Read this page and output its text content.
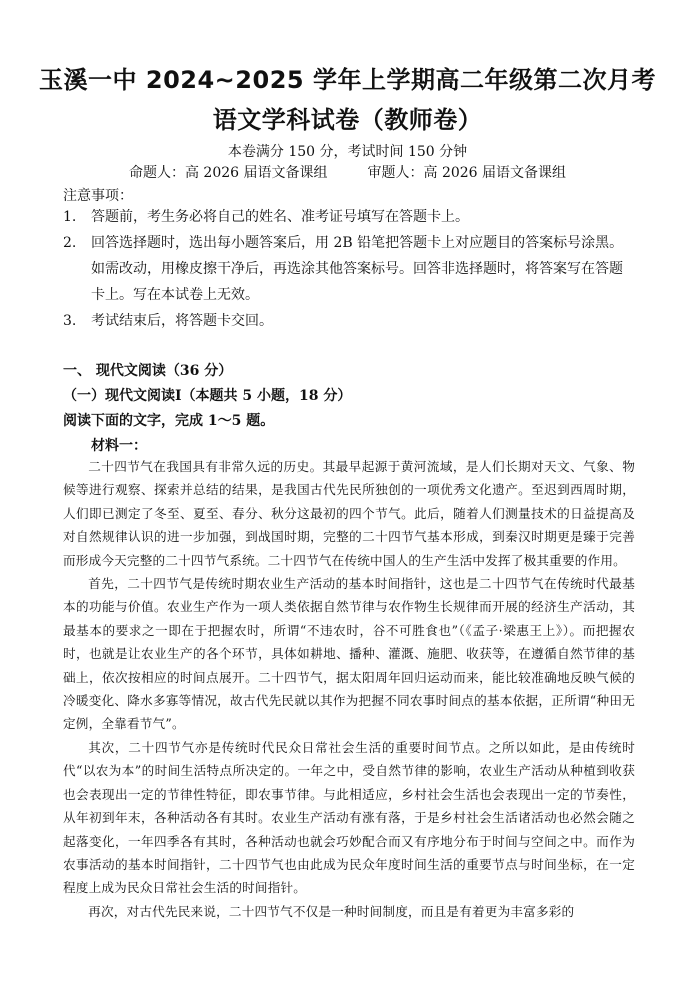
玉溪一中 2024~2025 学年上学期高二年级第二次月考
语文学科试卷（教师卷）
本卷满分 150 分，考试时间 150 分钟
命题人：高 2026 届语文备课组	审题人：高 2026 届语文备课组
注意事项：
1. 答题前，考生务必将自己的姓名、准考证号填写在答题卡上。
2. 回答选择题时，选出每小题答案后，用 2B 铅笔把答题卡上对应题目的答案标号涂黑。如需改动，用橡皮擦干净后，再选涂其他答案标号。回答非选择题时，将答案写在答题卡上。写在本试卷上无效。
3. 考试结束后，将答题卡交回。
一、 现代文阅读（36 分）
（一）现代文阅读Ⅰ（本题共 5 小题，18 分）
阅读下面的文字，完成 1～5 题。
材料一：

二十四节气在我国具有非常久远的历史。其最早起源于黄河流域，是人们长期对天文、气象、物候等进行观察、探索并总结的结果，是我国古代先民所独创的一项优秀文化遗产。至迟到西周时期，人们即已测定了冬至、夏至、春分、秋分这最初的四个节气。此后，随着人们测量技术的日益提高及对自然规律认识的进一步加强，到战国时期，完整的二十四节气基本形成，到秦汉时期更是臻于完善而形成今天完整的二十四节气系统。二十四节气在传统中国人的生产生活中发挥了极其重要的作用。

首先，二十四节气是传统时期农业生产活动的基本时间指针，这也是二十四节气在传统时代最基本的功能与价值。农业生产作为一项人类依据自然节律与农作物生长规律而开展的经济生产活动，其最基本的要求之一即在于把握农时，所谓“不违农时，谷不可胜食也”（《孟子·梁惠王上》）。而把握农时，也就是让农业生产的各个环节，具体如耕地、播种、灌溉、施肥、收获等，在遵循自然节律的基础上，依次按相应的时间点展开。二十四节气，据太阳周年回归运动而来，能比较准确地反映气候的冷暖变化、降水多寡等情况，故古代先民就以其作为把握不同农事时间点的基本依据，正所谓“种田无定例，全靠看节气”。

其次，二十四节气亦是传统时代民众日常社会生活的重要时间节点。之所以如此，是由传统时代“以农为本”的时间生活特点所决定的。一年之中，受自然节律的影响，农业生产活动从种植到收获也会表现出一定的节律性特征，即农事节律。与此相适应，乡村社会生活也会表现出一定的节奏性，从年初到年末，各种活动各有其时。农业生产活动有涨有落，于是乡村社会生活诸活动也必然会随之起落变化，一年四季各有其时，各种活动也就会巧妙配合而又有序地分布于时间与空间之中。而作为农事活动的基本时间指针，二十四节气也由此成为民众年度时间生活的重要节点与时间坐标，在一定程度上成为民众日常社会生活的时间指针。

再次，对古代先民来说，二十四节气不仅是一种时间制度，而且是有着更为丰富多彩的
